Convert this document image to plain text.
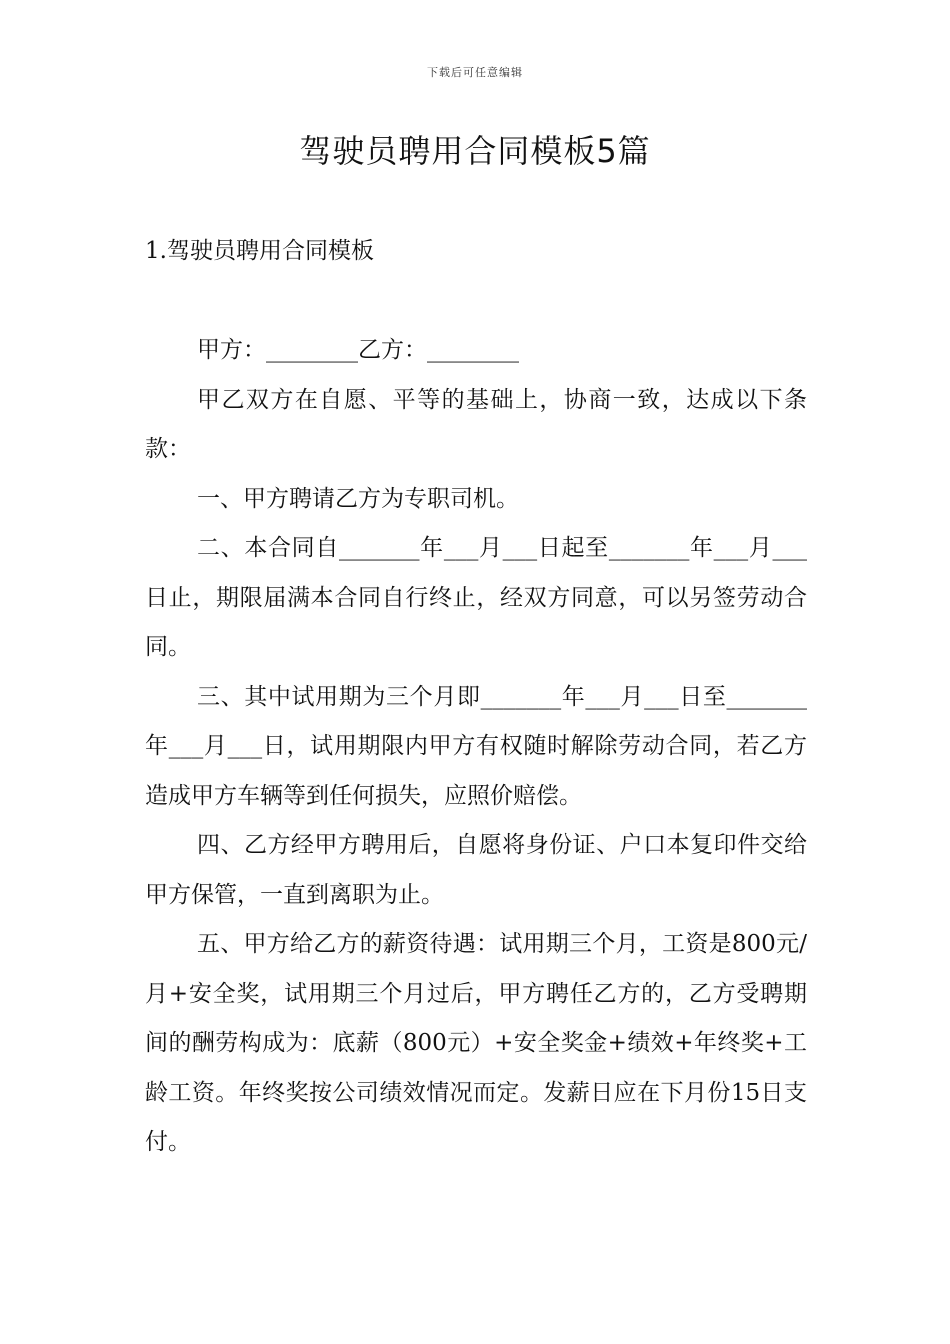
下载后可任意编辑
驾驶员聘用合同模板5篇
1.驾驶员聘用合同模板

甲方：________乙方：________

甲乙双方在自愿、平等的基础上，协商一致，达成以下条款：

一、甲方聘请乙方为专职司机。

二、本合同自_______年___月___日起至_______年___月___日止，期限届满本合同自行终止，经双方同意，可以另签劳动合同。

三、其中试用期为三个月即_______年___月___日至_______年___月___日，试用期限内甲方有权随时解除劳动合同，若乙方造成甲方车辆等到任何损失，应照价赔偿。

四、乙方经甲方聘用后，自愿将身份证、户口本复印件交给甲方保管，一直到离职为止。

五、甲方给乙方的薪资待遇：试用期三个月，工资是800元/月+安全奖，试用期三个月过后，甲方聘任乙方的，乙方受聘期间的酬劳构成为：底薪（800元）+安全奖金+绩效+年终奖+工龄工资。年终奖按公司绩效情况而定。发薪日应在下月份15日支付。
